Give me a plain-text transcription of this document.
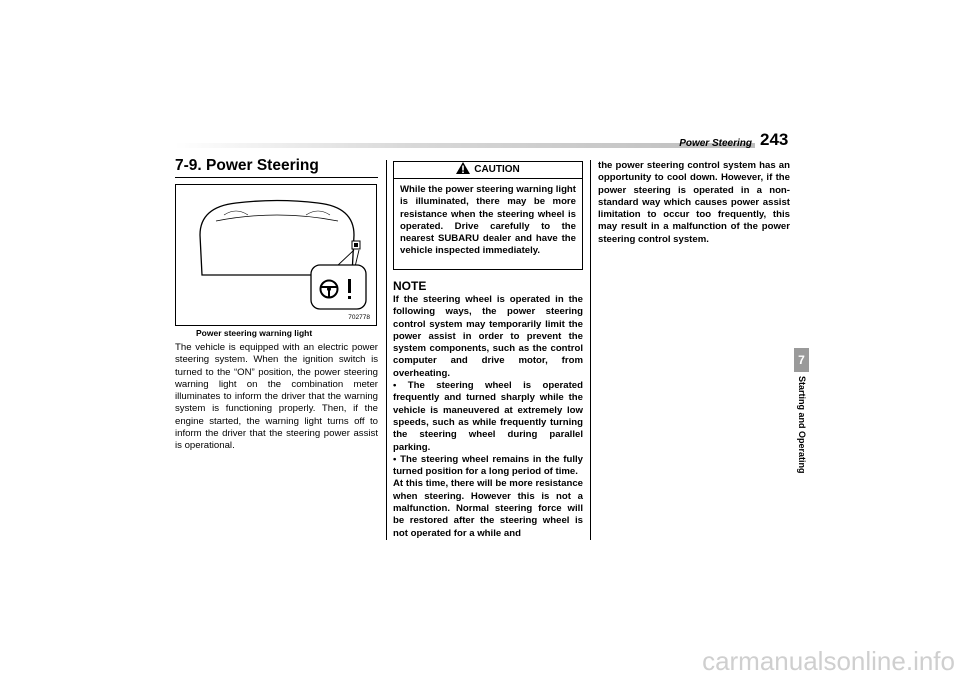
Power Steering 243
7-9. Power Steering
702778
Power steering warning light
The vehicle is equipped with an electric power steering system. When the ignition switch is turned to the “ON” position, the power steering warning light on the combination meter illuminates to inform the driver that the warning system is functioning properly. Then, if the engine started, the warning light turns off to inform the driver that the steering power assist is operational.
CAUTION
While the power steering warning light is illuminated, there may be more resistance when the steering wheel is operated. Drive carefully to the nearest SUBARU dealer and have the vehicle inspected immediately.
NOTE

If the steering wheel is operated in the following ways, the power steering control system may temporarily limit the power assist in order to prevent the system components, such as the control computer and drive motor, from overheating.

• The steering wheel is operated frequently and turned sharply while the vehicle is maneuvered at extremely low speeds, such as while frequently turning the steering wheel during parallel parking.

• The steering wheel remains in the fully turned position for a long period of time.

At this time, there will be more resistance when steering. However this is not a malfunction. Normal steering force will be restored after the steering wheel is not operated for a while and

the power steering control system has an opportunity to cool down. However, if the power steering is operated in a non-standard way which causes power assist limitation to occur too frequently, this may result in a malfunction of the power steering control system.
7
Starting and Operating
carmanualsonline.info
